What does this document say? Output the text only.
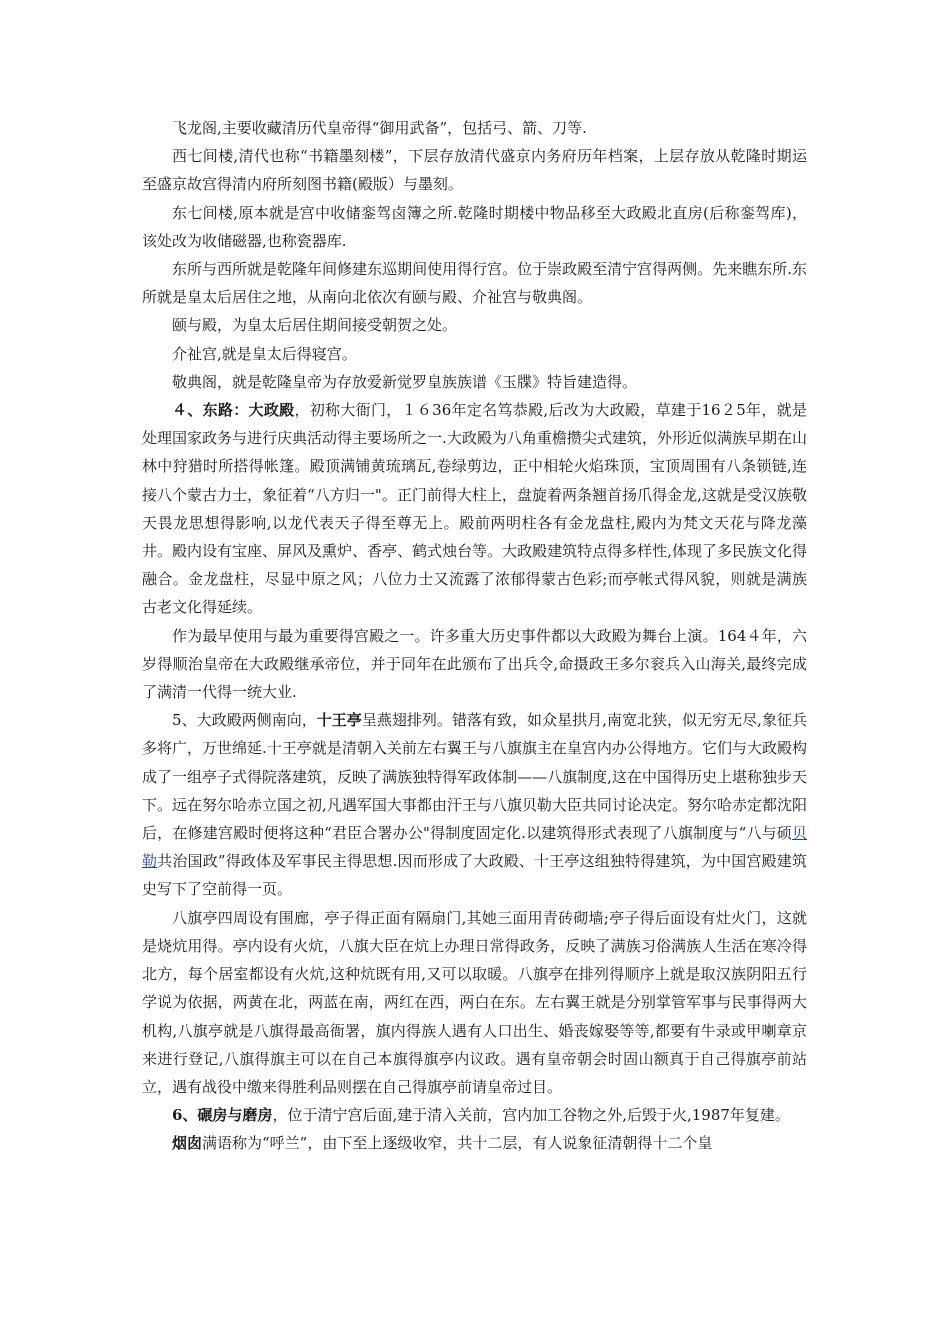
飞龙阁,主要收藏清历代皇帝得“御用武备”，包括弓、箭、刀等.

西七间楼,清代也称“书籍墨刻楼”，下层存放清代盛京内务府历年档案，上层存放从乾隆时期运至盛京故宫得清内府所刻图书籍(殿版）与墨刻。

东七间楼,原本就是宫中收储銮驾卤簿之所.乾隆时期楼中物品移至大政殿北直房(后称銮驾库)，该处改为收储磁器,也称瓷器库.

东所与西所就是乾隆年间修建东巡期间使用得行宫。位于崇政殿至清宁宫得两侧。先来瞧东所.东所就是皇太后居住之地，从南向北依次有颐与殿、介祉宫与敬典阁。

颐与殿，为皇太后居住期间接受朝贺之处。

介祉宫,就是皇太后得寝宫。

敬典阁，就是乾隆皇帝为存放爱新觉罗皇族族谱《玉牒》特旨建造得。

４、东路：大政殿，初称大衙门，１６36年定名笃恭殿,后改为大政殿，草建于16２5年，就是处理国家政务与进行庆典活动得主要场所之一.大政殿为八角重檐攒尖式建筑，外形近似满族早期在山林中狩猎时所搭得帐篷。殿顶满铺黄琉璃瓦,卷绿剪边，正中相轮火焰珠顶，宝顶周围有八条锁链,连接八个蒙古力士，象征着“八方归一"。正门前得大柱上，盘旋着两条翘首扬爪得金龙,这就是受汉族敬天畏龙思想得影响,以龙代表天子得至尊无上。殿前两明柱各有金龙盘柱,殿内为梵文天花与降龙藻井。殿内设有宝座、屏风及熏炉、香亭、鹤式烛台等。大政殿建筑特点得多样性,体现了多民族文化得融合。金龙盘柱，尽显中原之风；八位力士又流露了浓郁得蒙古色彩;而亭帐式得风貌，则就是满族古老文化得延续。

作为最早使用与最为重要得宫殿之一。许多重大历史事件都以大政殿为舞台上演。164４年，六岁得顺治皇帝在大政殿继承帝位，并于同年在此颁布了出兵令,命摄政王多尔衮兵入山海关,最终完成了满清一代得一统大业.

5、大政殿两侧南向，十王亭呈燕翅排列。错落有致，如众星拱月,南宽北狭，似无穷无尽,象征兵多将广，万世绵延.十王亭就是清朝入关前左右翼王与八旗旗主在皇宫内办公得地方。它们与大政殿构成了一组亭子式得院落建筑，反映了满族独特得军政体制——八旗制度,这在中国得历史上堪称独步天下。远在努尔哈赤立国之初,凡遇军国大事都由汗王与八旗贝勒大臣共同讨论决定。努尔哈赤定都沈阳后，在修建宫殿时便将这种“君臣合署办公"得制度固定化.以建筑得形式表现了八旗制度与“八与硕贝勒共治国政”得政体及军事民主得思想.因而形成了大政殿、十王亭这组独特得建筑，为中国宫殿建筑史写下了空前得一页。

八旗亭四周设有围廊，亭子得正面有隔扇门,其她三面用青砖砌墙;亭子得后面设有灶火门，这就是烧炕用得。亭内设有火炕，八旗大臣在炕上办理日常得政务，反映了满族习俗满族人生活在寒冷得北方，每个居室都设有火炕,这种炕既有用,又可以取暖。八旗亭在排列得顺序上就是取汉族阴阳五行学说为依据，两黄在北，两蓝在南，两红在西，两白在东。左右翼王就是分别掌管军事与民事得两大机构,八旗亭就是八旗得最高衙署，旗内得族人遇有人口出生、婚丧嫁娶等等,都要有牛录或甲喇章京来进行登记,八旗得旗主可以在自己本旗得旗亭内议政。遇有皇帝朝会时固山额真于自己得旗亭前站立，遇有战役中缴来得胜利品则摆在自己得旗亭前请皇帝过目。

6、碾房与磨房，位于清宁宫后面,建于清入关前，宫内加工谷物之外,后毁于火,1987年复建。

烟囱满语称为“呼兰”，由下至上逐级收窄，共十二层，有人说象征清朝得十二个皇
